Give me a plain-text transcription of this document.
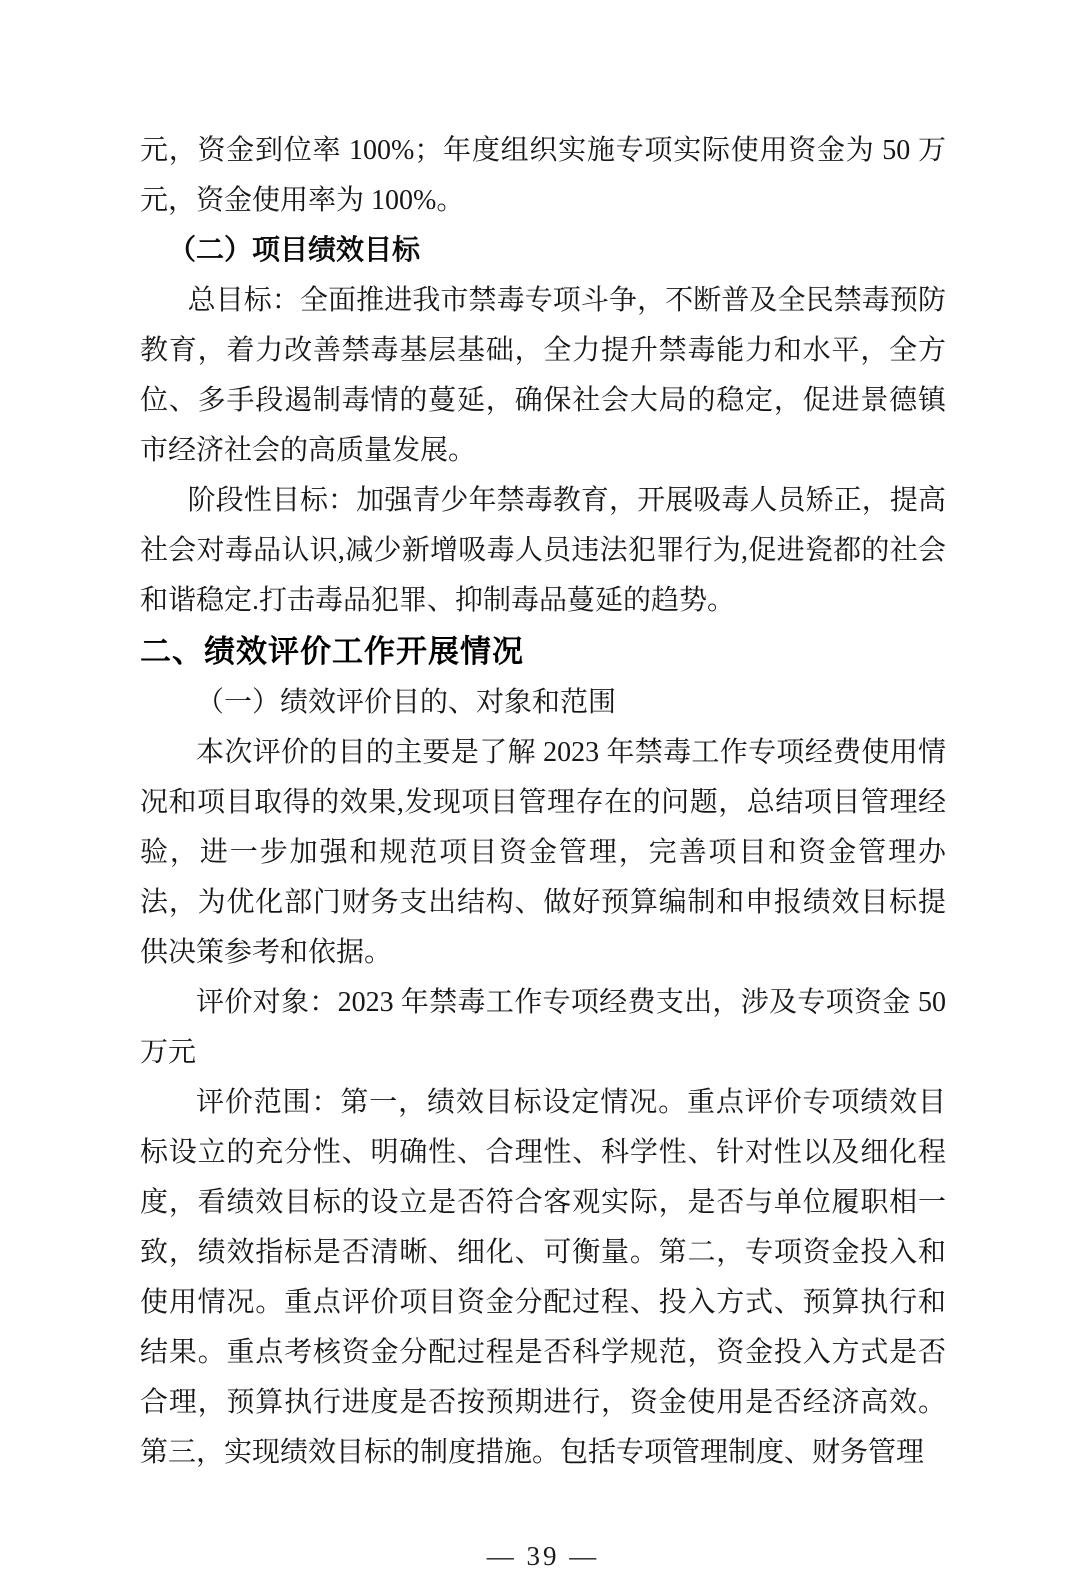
元，资金到位率 100%；年度组织实施专项实际使用资金为 50 万元，资金使用率为 100%。

（二）项目绩效目标

总目标：全面推进我市禁毒专项斗争，不断普及全民禁毒预防教育，着力改善禁毒基层基础，全力提升禁毒能力和水平，全方位、多手段遏制毒情的蔓延，确保社会大局的稳定，促进景德镇市经济社会的高质量发展。

阶段性目标：加强青少年禁毒教育，开展吸毒人员矫正，提高社会对毒品认识,减少新增吸毒人员违法犯罪行为,促进瓷都的社会和谐稳定.打击毒品犯罪、抑制毒品蔓延的趋势。

二、绩效评价工作开展情况

（一）绩效评价目的、对象和范围

本次评价的目的主要是了解 2023 年禁毒工作专项经费使用情况和项目取得的效果,发现项目管理存在的问题，总结项目管理经验，进一步加强和规范项目资金管理，完善项目和资金管理办法，为优化部门财务支出结构、做好预算编制和申报绩效目标提供决策参考和依据。

评价对象：2023 年禁毒工作专项经费支出，涉及专项资金 50 万元

评价范围：第一，绩效目标设定情况。重点评价专项绩效目标设立的充分性、明确性、合理性、科学性、针对性以及细化程度，看绩效目标的设立是否符合客观实际，是否与单位履职相一致，绩效指标是否清晰、细化、可衡量。第二，专项资金投入和使用情况。重点评价项目资金分配过程、投入方式、预算执行和结果。重点考核资金分配过程是否科学规范，资金投入方式是否合理，预算执行进度是否按预期进行，资金使用是否经济高效。第三，实现绩效目标的制度措施。包括专项管理制度、财务管理

— 39 —
